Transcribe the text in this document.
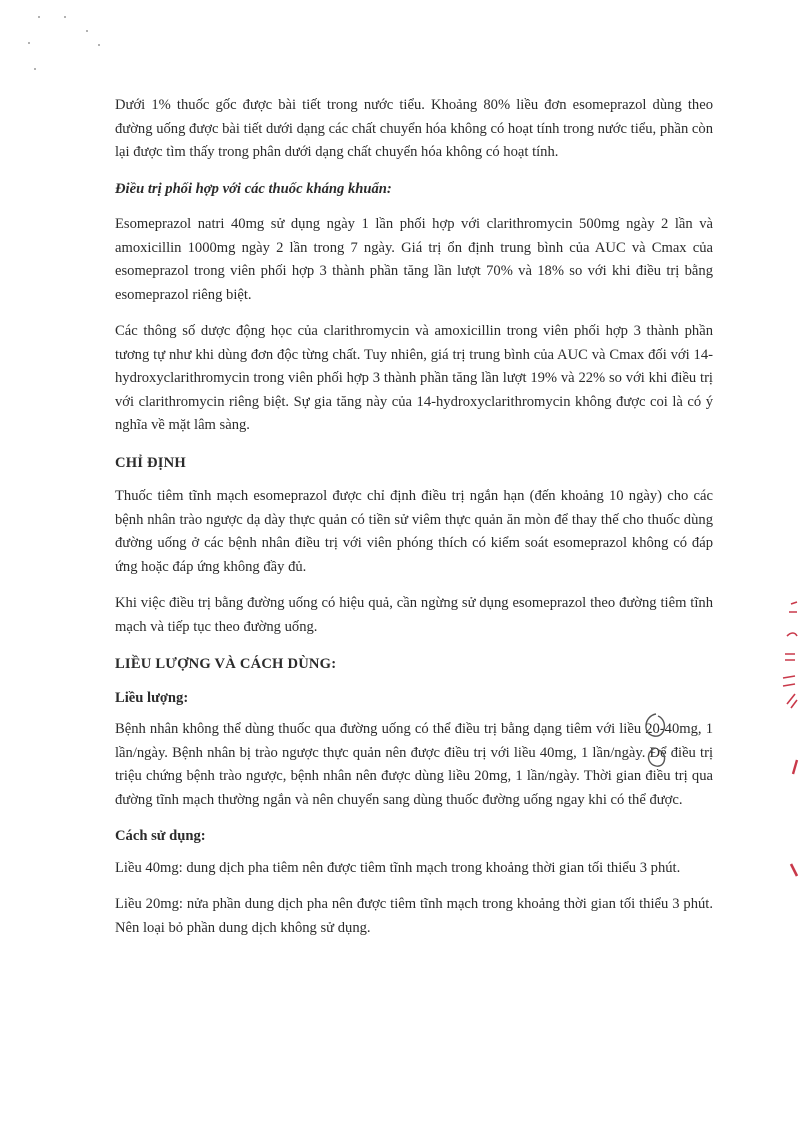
Dưới 1% thuốc gốc được bài tiết trong nước tiểu. Khoảng 80% liều đơn esomeprazol dùng theo đường uống được bài tiết dưới dạng các chất chuyển hóa không có hoạt tính trong nước tiểu, phần còn lại được tìm thấy trong phân dưới dạng chất chuyển hóa không có hoạt tính.

Điều trị phối hợp với các thuốc kháng khuẩn:

Esomeprazol natri 40mg sử dụng ngày 1 lần phối hợp với clarithromycin 500mg ngày 2 lần và amoxicillin 1000mg ngày 2 lần trong 7 ngày. Giá trị ổn định trung bình của AUC và Cmax của esomeprazol trong viên phối hợp 3 thành phần tăng lần lượt 70% và 18% so với khi điều trị bằng esomeprazol riêng biệt.

Các thông số dược động học của clarithromycin và amoxicillin trong viên phối hợp 3 thành phần tương tự như khi dùng đơn độc từng chất. Tuy nhiên, giá trị trung bình của AUC và Cmax đối với 14-hydroxyclarithromycin trong viên phối hợp 3 thành phần tăng lần lượt 19% và 22% so với khi điều trị với clarithromycin riêng biệt. Sự gia tăng này của 14-hydroxyclarithromycin không được coi là có ý nghĩa về mặt lâm sàng.

CHỈ ĐỊNH

Thuốc tiêm tĩnh mạch esomeprazol được chỉ định điều trị ngắn hạn (đến khoảng 10 ngày) cho các bệnh nhân trào ngược dạ dày thực quản có tiền sử viêm thực quản ăn mòn để thay thế cho thuốc dùng đường uống ở các bệnh nhân điều trị với viên phóng thích có kiểm soát esomeprazol không có đáp ứng hoặc đáp ứng không đầy đủ.

Khi việc điều trị bằng đường uống có hiệu quả, cần ngừng sử dụng esomeprazol theo đường tiêm tĩnh mạch và tiếp tục theo đường uống.

LIỀU LƯỢNG VÀ CÁCH DÙNG:
Liều lượng:

Bệnh nhân không thể dùng thuốc qua đường uống có thể điều trị bằng dạng tiêm với liều 20-40mg, 1 lần/ngày. Bệnh nhân bị trào ngược thực quản nên được điều trị với liều 40mg, 1 lần/ngày. Để điều trị triệu chứng bệnh trào ngược, bệnh nhân nên được dùng liều 20mg, 1 lần/ngày. Thời gian điều trị qua đường tĩnh mạch thường ngắn và nên chuyển sang dùng thuốc đường uống ngay khi có thể được.

Cách sử dụng:

Liều 40mg: dung dịch pha tiêm nên được tiêm tĩnh mạch trong khoảng thời gian tối thiểu 3 phút.

Liều 20mg: nửa phần dung dịch pha nên được tiêm tĩnh mạch trong khoảng thời gian tối thiểu 3 phút. Nên loại bỏ phần dung dịch không sử dụng.
